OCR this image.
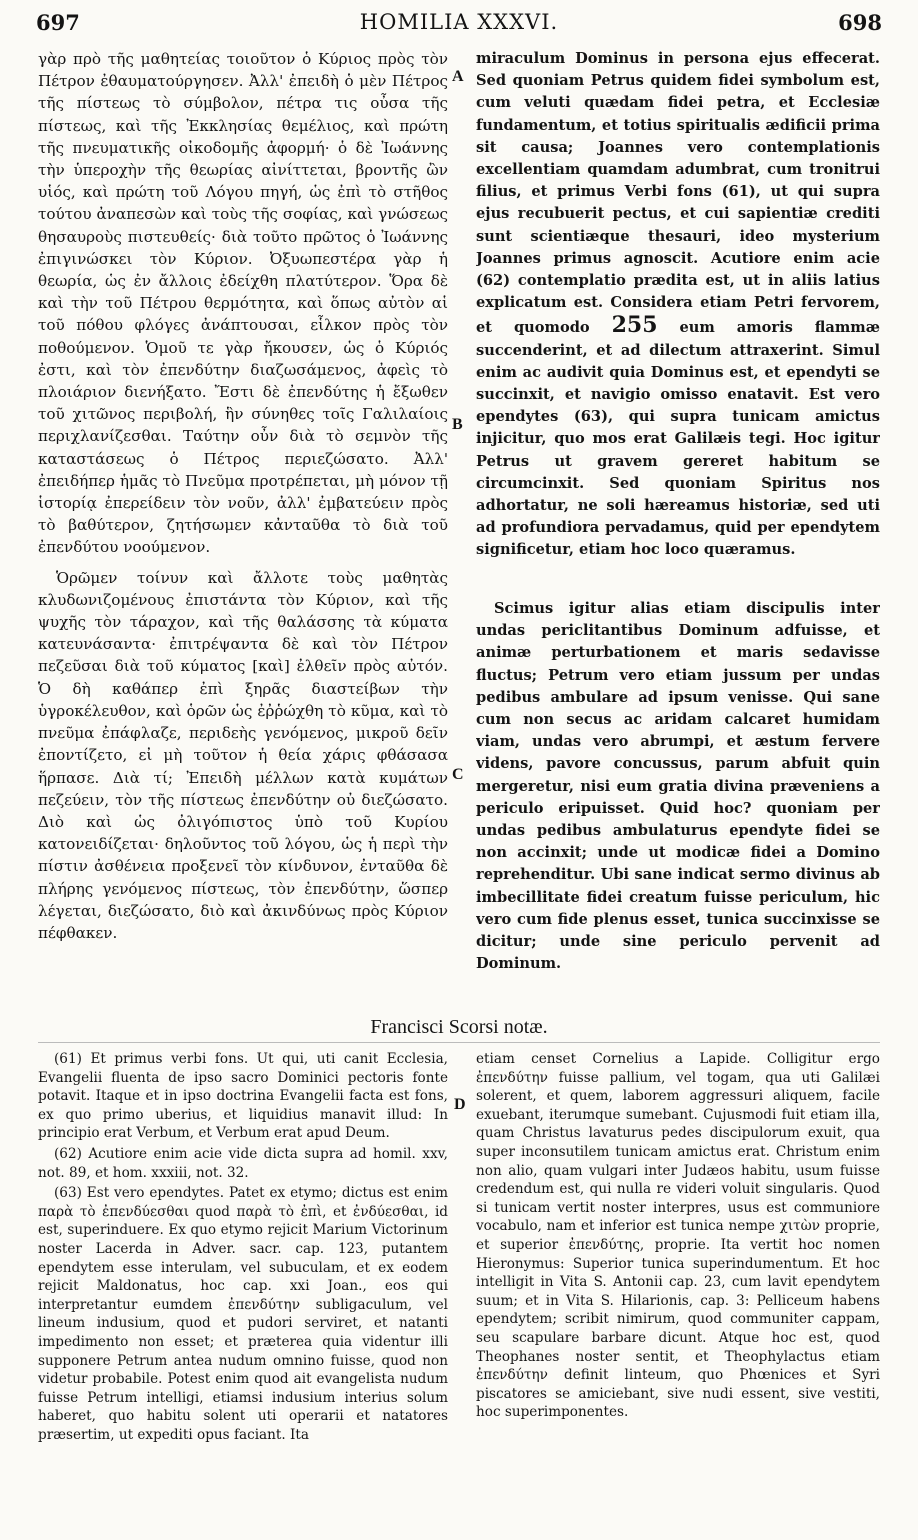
697	HOMILIA XXXVI.	698

γὰρ πρὸ τῆς μαθητείας τοιοῦτον ὁ Κύριος πρὸς τὸν Πέτρον ἐθαυματούργησεν. Ἀλλ' ἐπειδὴ ὁ μὲν Πέτρος τῆς πίστεως τὸ σύμβολον, πέτρα τις οὖσα τῆς πίστεως, καὶ τῆς Ἐκκλησίας θεμέλιος, καὶ πρώτη τῆς πνευματικῆς οἰκοδομῆς ἀφορμή· ὁ δὲ Ἰωάννης τὴν ὑπεροχὴν τῆς θεωρίας αἰνίττεται, βροντῆς ὢν υἱός, καὶ πρώτη τοῦ Λόγου πηγή, ὡς ἐπὶ τὸ στῆθος τούτου ἀναπεσὼν καὶ τοὺς τῆς σοφίας, καὶ γνώσεως θησαυροὺς πιστευθείς· διὰ τοῦτο πρῶτος ὁ Ἰωάννης ἐπιγινώσκει τὸν Κύριον. Ὀξυωπεστέρα γὰρ ἡ θεωρία, ὡς ἐν ἄλλοις ἐδείχθη πλατύτερον. Ὅρα δὲ καὶ τὴν τοῦ Πέτρου θερμότητα, καὶ ὅπως αὐτὸν αἱ τοῦ πόθου φλόγες ἀνάπτουσαι, εἷλκον πρὸς τὸν ποθούμενον. Ὁμοῦ τε γὰρ ἤκουσεν, ὡς ὁ Κύριός ἐστι, καὶ τὸν ἐπενδύτην διαζωσάμενος, ἀφεὶς τὸ πλοιάριον διενήξατο. Ἔστι δὲ ἐπενδύτης ἡ ἔξωθεν τοῦ χιτῶνος περιβολή, ἣν σύνηθες τοῖς Γαλιλαίοις περιχλανίζεσθαι. Ταύτην οὖν διὰ τὸ σεμνὸν τῆς καταστάσεως ὁ Πέτρος περιεζώσατο. Ἀλλ' ἐπειδήπερ ἡμᾶς τὸ Πνεῦμα προτρέπεται, μὴ μόνον τῇ ἱστορίᾳ ἐπερείδειν τὸν νοῦν, ἀλλ' ἐμβατεύειν πρὸς τὸ βαθύτερον, ζητήσωμεν κἀνταῦθα τὸ διὰ τοῦ ἐπενδύτου νοούμενον.

Ὁρῶμεν τοίνυν καὶ ἄλλοτε τοὺς μαθητὰς κλυδωνιζομένους ἐπιστάντα τὸν Κύριον, καὶ τῆς ψυχῆς τὸν τάραχον, καὶ τῆς θαλάσσης τὰ κύματα κατευνάσαντα· ἐπιτρέψαντα δὲ καὶ τὸν Πέτρον πεζεῦσαι διὰ τοῦ κύματος [καὶ] ἐλθεῖν πρὸς αὐτόν. Ὁ δὴ καθάπερ ἐπὶ ξηρᾶς διαστείβων τὴν ὑγροκέλευθον, καὶ ὁρῶν ὡς ἐῤῥώχθη τὸ κῦμα, καὶ τὸ πνεῦμα ἐπάφλαζε, περιδεὴς γενόμενος, μικροῦ δεῖν ἐποντίζετο, εἰ μὴ τοῦτον ἡ θεία χάρις φθάσασα ἥρπασε. Διὰ τί; Ἐπειδὴ μέλλων κατὰ κυμάτων πεζεύειν, τὸν τῆς πίστεως ἐπενδύτην οὐ διεζώσατο. Διὸ καὶ ὡς ὀλιγόπιστος ὑπὸ τοῦ Κυρίου κατονειδίζεται· δηλοῦντος τοῦ λόγου, ὡς ἡ περὶ τὴν πίστιν ἀσθένεια προξενεῖ τὸν κίνδυνον, ἐνταῦθα δὲ πλήρης γενόμενος πίστεως, τὸν ἐπενδύτην, ὥσπερ λέγεται, διεζώσατο, διὸ καὶ ἀκινδύνως πρὸς Κύριον πέφθακεν.

A
B
C
D

miraculum Dominus in persona ejus effecerat. Sed quoniam Petrus quidem fidei symbolum est, cum veluti quædam fidei petra, et Ecclesiæ fundamentum, et totius spiritualis ædificii prima sit causa; Joannes vero contemplationis excellentiam quamdam adumbrat, cum tronitrui filius, et primus Verbi fons (61), ut qui supra ejus recubuerit pectus, et cui sapientiæ crediti sunt scientiæque thesauri, ideo mysterium Joannes primus agnoscit. Acutiore enim acie (62) contemplatio prædita est, ut in aliis latius explicatum est. Considera etiam Petri fervorem, et quomodo 255 eum amoris flammæ succenderint, et ad dilectum attraxerint. Simul enim ac audivit quia Dominus est, et ependyti se succinxit, et navigio omisso enatavit. Est vero ependytes (63), qui supra tunicam amictus injicitur, quo mos erat Galilæis tegi. Hoc igitur Petrus ut gravem gereret habitum se circumcinxit. Sed quoniam Spiritus nos adhortatur, ne soli hæreamus historiæ, sed uti ad profundiora pervadamus, quid per ependytem significetur, etiam hoc loco quæramus.

Scimus igitur alias etiam discipulis inter undas periclitantibus Dominum adfuisse, et animæ perturbationem et maris sedavisse fluctus; Petrum vero etiam jussum per undas pedibus ambulare ad ipsum venisse. Qui sane cum non secus ac aridam calcaret humidam viam, undas vero abrumpi, et æstum fervere videns, pavore concussus, parum abfuit quin mergeretur, nisi eum gratia divina præveniens a periculo eripuisset. Quid hoc? quoniam per undas pedibus ambulaturus ependyte fidei se non accinxit; unde ut modicæ fidei a Domino reprehenditur. Ubi sane indicat sermo divinus ab imbecillitate fidei creatum fuisse periculum, hic vero cum fide plenus esset, tunica succinxisse se dicitur; unde sine periculo pervenit ad Dominum.

Francisci Scorsi notæ.

(61) Et primus verbi fons. Ut qui, uti canit Ecclesia, Evangelii fluenta de ipso sacro Dominici pectoris fonte potavit. Itaque et in ipso doctrina Evangelii facta est fons, ex quo primo uberius, et liquidius manavit illud: In principio erat Verbum, et Verbum erat apud Deum.

(62) Acutiore enim acie vide dicta supra ad homil. xxv, not. 89, et hom. xxxiii, not. 32.

(63) Est vero ependytes. Patet ex etymo; dictus est enim παρὰ τὸ ἐπενδύεσθαι quod παρὰ τὸ ἐπὶ, et ἐνδύεσθαι, id est, superinduere. Ex quo etymo rejicit Marium Victorinum noster Lacerda in Adver. sacr. cap. 123, putantem ependytem esse interulam, vel subuculam, et ex eodem rejicit Maldonatus, hoc cap. xxi Joan., eos qui interpretantur eumdem ἐπενδύτην subligaculum, vel lineum indusium, quod et pudori serviret, et natanti impedimento non esset; et præterea quia videntur illi supponere Petrum antea nudum omnino fuisse, quod non videtur probabile. Potest enim quod ait evangelista nudum fuisse Petrum intelligi, etiamsi indusium interius solum haberet, quo habitu solent uti operarii et natatores præsertim, ut expediti opus faciant. Ita

etiam censet Cornelius a Lapide. Colligitur ergo ἐπενδύτην fuisse pallium, vel togam, qua uti Galilæi solerent, et quem, laborem aggressuri aliquem, facile exuebant, iterumque sumebant. Cujusmodi fuit etiam illa, quam Christus lavaturus pedes discipulorum exuit, qua super inconsutilem tunicam amictus erat. Christum enim non alio, quam vulgari inter Judæos habitu, usum fuisse credendum est, qui nulla re videri voluit singularis. Quod si tunicam vertit noster interpres, usus est communiore vocabulo, nam et inferior est tunica nempe χιτὼν proprie, et superior ἐπενδύτης, proprie. Ita vertit hoc nomen Hieronymus: Superior tunica superindumentum. Et hoc intelligit in Vita S. Antonii cap. 23, cum lavit ependytem suum; et in Vita S. Hilarionis, cap. 3: Pelliceum habens ependytem; scribit nimirum, quod communiter cappam, seu scapulare barbare dicunt. Atque hoc est, quod Theophanes noster sentit, et Theophylactus etiam ἐπενδύτην definit linteum, quo Phœnices et Syri piscatores se amiciebant, sive nudi essent, sive vestiti, hoc superimponentes.
